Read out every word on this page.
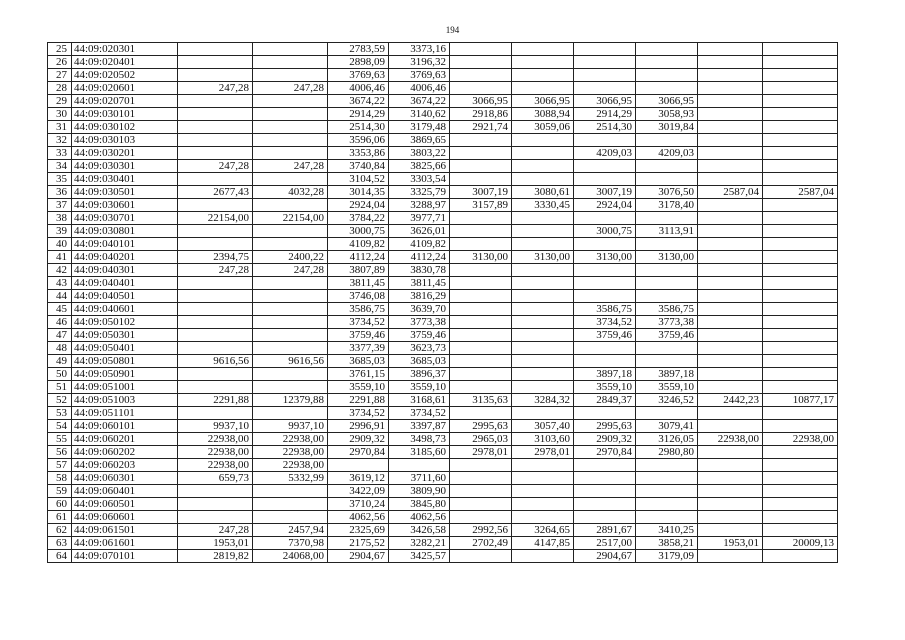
194
25	44:09:020301			2783,59	3373,16						
26	44:09:020401			2898,09	3196,32						
27	44:09:020502			3769,63	3769,63						
28	44:09:020601	247,28	247,28	4006,46	4006,46						
29	44:09:020701			3674,22	3674,22	3066,95	3066,95	3066,95	3066,95		
30	44:09:030101			2914,29	3140,62	2918,86	3088,94	2914,29	3058,93		
31	44:09:030102			2514,30	3179,48	2921,74	3059,06	2514,30	3019,84		
32	44:09:030103			3596,06	3869,65						
33	44:09:030201			3353,86	3803,22			4209,03	4209,03		
34	44:09:030301	247,28	247,28	3740,84	3825,66						
35	44:09:030401			3104,52	3303,54						
36	44:09:030501	2677,43	4032,28	3014,35	3325,79	3007,19	3080,61	3007,19	3076,50	2587,04	2587,04
37	44:09:030601			2924,04	3288,97	3157,89	3330,45	2924,04	3178,40		
38	44:09:030701	22154,00	22154,00	3784,22	3977,71						
39	44:09:030801			3000,75	3626,01			3000,75	3113,91		
40	44:09:040101			4109,82	4109,82						
41	44:09:040201	2394,75	2400,22	4112,24	4112,24	3130,00	3130,00	3130,00	3130,00		
42	44:09:040301	247,28	247,28	3807,89	3830,78						
43	44:09:040401			3811,45	3811,45						
44	44:09:040501			3746,08	3816,29						
45	44:09:040601			3586,75	3639,70			3586,75	3586,75		
46	44:09:050102			3734,52	3773,38			3734,52	3773,38		
47	44:09:050301			3759,46	3759,46			3759,46	3759,46		
48	44:09:050401			3377,39	3623,73						
49	44:09:050801	9616,56	9616,56	3685,03	3685,03						
50	44:09:050901			3761,15	3896,37			3897,18	3897,18		
51	44:09:051001			3559,10	3559,10			3559,10	3559,10		
52	44:09:051003	2291,88	12379,88	2291,88	3168,61	3135,63	3284,32	2849,37	3246,52	2442,23	10877,17
53	44:09:051101			3734,52	3734,52						
54	44:09:060101	9937,10	9937,10	2996,91	3397,87	2995,63	3057,40	2995,63	3079,41		
55	44:09:060201	22938,00	22938,00	2909,32	3498,73	2965,03	3103,60	2909,32	3126,05	22938,00	22938,00
56	44:09:060202	22938,00	22938,00	2970,84	3185,60	2978,01	2978,01	2970,84	2980,80		
57	44:09:060203	22938,00	22938,00								
58	44:09:060301	659,73	5332,99	3619,12	3711,60						
59	44:09:060401			3422,09	3809,90						
60	44:09:060501			3710,24	3845,80						
61	44:09:060601			4062,56	4062,56						
62	44:09:061501	247,28	2457,94	2325,69	3426,58	2992,56	3264,65	2891,67	3410,25		
63	44:09:061601	1953,01	7370,98	2175,52	3282,21	2702,49	4147,85	2517,00	3858,21	1953,01	20009,13
64	44:09:070101	2819,82	24068,00	2904,67	3425,57			2904,67	3179,09		
